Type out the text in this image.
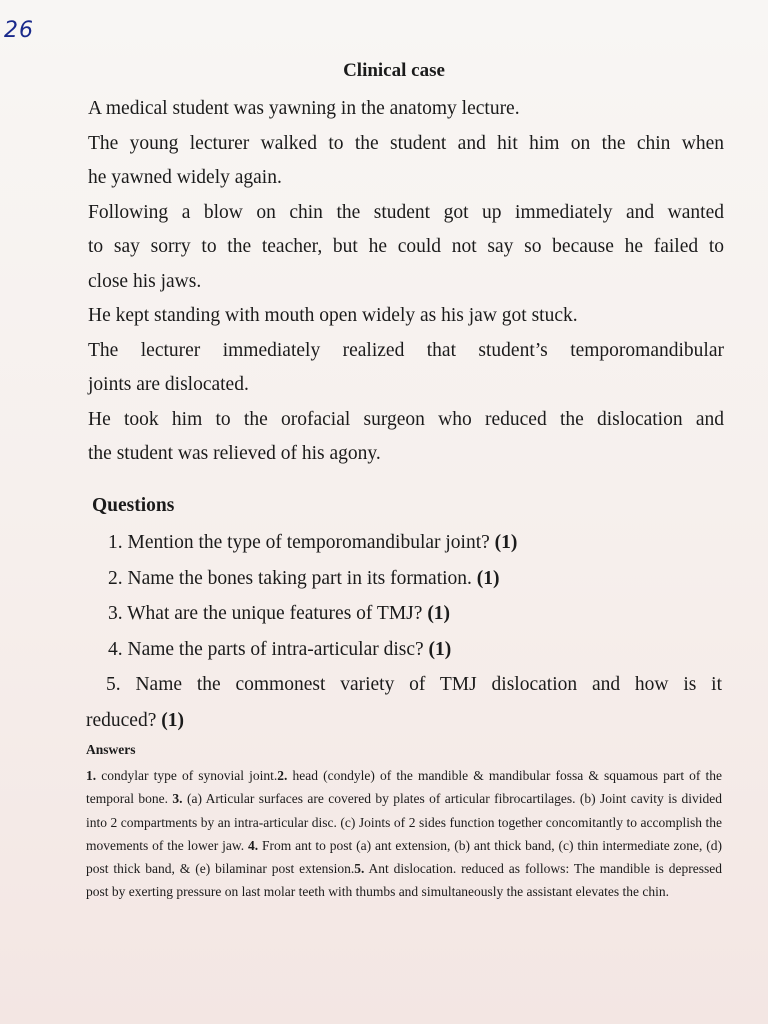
26
Clinical case
A medical student was yawning in the anatomy lecture.
The young lecturer walked to the student and hit him on the chin when
he yawned widely again.
Following a blow on chin the student got up immediately and wanted
to say sorry to the teacher, but he could not say so because he failed to
close his jaws.
He kept standing with mouth open widely as his jaw got stuck.
The lecturer immediately realized that student’s temporomandibular
joints are dislocated.
He took him to the orofacial surgeon who reduced the dislocation and
the student was relieved of his agony.
Questions
1. Mention the type of temporomandibular joint? (1)
2. Name the bones taking part in its formation. (1)
3. What are the unique features of TMJ? (1)
4. Name the parts of intra-articular disc? (1)
5. Name the commonest variety of TMJ dislocation and how is it
reduced? (1)
Answers
1. condylar type of synovial joint.2. head (condyle) of the mandible & mandibular fossa & squamous part of the temporal bone. 3. (a) Articular surfaces are covered by plates of articular fibrocartilages. (b) Joint cavity is divided into 2 compartments by an intra-articular disc. (c) Joints of 2 sides function together concomitantly to accomplish the movements of the lower jaw. 4. From ant to post (a) ant extension, (b) ant thick band, (c) thin intermediate zone, (d) post thick band, & (e) bilaminar post extension.5. Ant dislocation. reduced as follows: The mandible is depressed post by exerting pressure on last molar teeth with thumbs and simultaneously the assistant elevates the chin.
